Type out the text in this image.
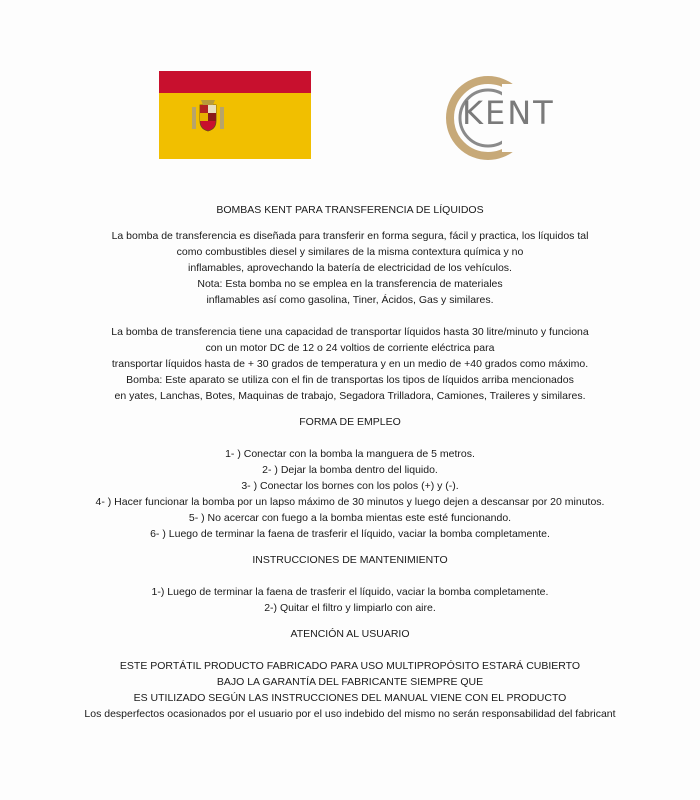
KENT

BOMBAS KENT PARA TRANSFERENCIA DE LÍQUIDOS

La bomba de transferencia es diseñada para transferir en forma segura, fácil y practica, los líquidos tal

como combustibles diesel y similares de la misma contextura química y no

inflamables, aprovechando la batería de electricidad de los vehículos.

Nota: Esta bomba no se emplea en la transferencia de materiales

inflamables así como gasolina, Tiner, Ácidos, Gas y similares.

La bomba de transferencia tiene una capacidad de transportar líquidos hasta 30 litre/minuto y funciona

con un motor DC de 12 o 24 voltios de corriente eléctrica para

transportar líquidos hasta de + 30 grados de temperatura y en un medio de +40 grados como máximo.

Bomba: Este aparato se utiliza con el fin de transportas los tipos de líquidos arriba mencionados

en yates, Lanchas, Botes, Maquinas de trabajo, Segadora Trilladora, Camiones, Traileres y similares.

FORMA DE EMPLEO

1- ) Conectar con la bomba la manguera de 5 metros.

2- ) Dejar la bomba dentro del liquido.

3- ) Conectar los bornes con los polos (+) y (-).

4- ) Hacer funcionar la bomba por un lapso máximo de 30 minutos y luego dejen a descansar por 20 minutos.

5- ) No acercar con fuego a la bomba mientas este esté funcionando.

6- ) Luego de terminar la faena de trasferir el líquido, vaciar la bomba completamente.

INSTRUCCIONES DE MANTENIMIENTO

1-) Luego de terminar la faena de trasferir el líquido, vaciar la bomba completamente.

2-) Quitar el filtro y limpiarlo con aire.

ATENCIÓN AL USUARIO

ESTE PORTÁTIL PRODUCTO FABRICADO PARA USO MULTIPROPÓSITO ESTARÁ CUBIERTO

BAJO LA GARANTÍA DEL FABRICANTE SIEMPRE QUE

ES UTILIZADO SEGÚN LAS INSTRUCCIONES DEL MANUAL VIENE CON EL PRODUCTO

Los desperfectos ocasionados por el usuario por el uso indebido del mismo no serán responsabilidad del fabricant
